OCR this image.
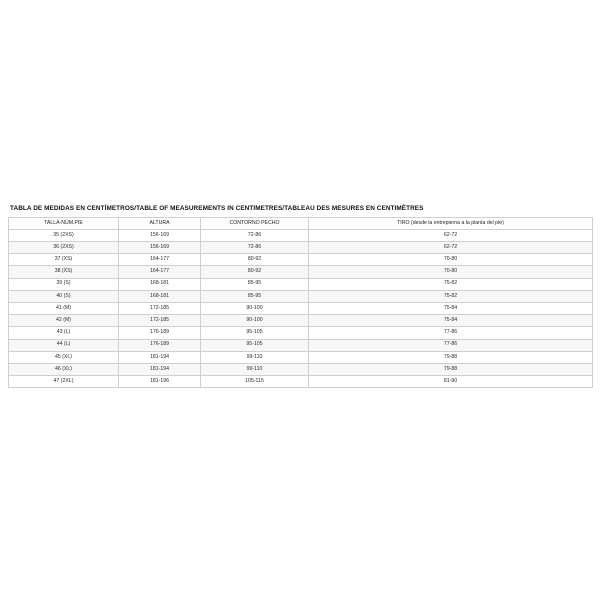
TABLA DE MEDIDAS EN CENTÍMETROS/TABLE OF MEASUREMENTS IN CENTIMETRES/TABLEAU DES MESURES EN CENTIMÈTRES
TALLA-NÚM.PIE	ALTURA	CONTORNO PECHO	TIRO (desde la entrepierna a la planta del pie)
35 (2XS)	156-169	72-86	62-72
36 (2XS)	156-169	72-86	62-72
37 (XS)	164-177	80-92	70-80
38 (XS)	164-177	80-92	70-80
39 (S)	168-181	85-95	75-82
40 (S)	168-181	85-95	75-82
41 (M)	172-185	90-100	75-84
42 (M)	172-185	90-100	75-84
43 (L)	176-189	95-105	77-86
44 (L)	176-189	95-105	77-86
45 (XL)	181-194	99-110	79-88
46 (XL)	181-194	99-110	79-88
47 (2XL)	181-196	105-115	81-90
